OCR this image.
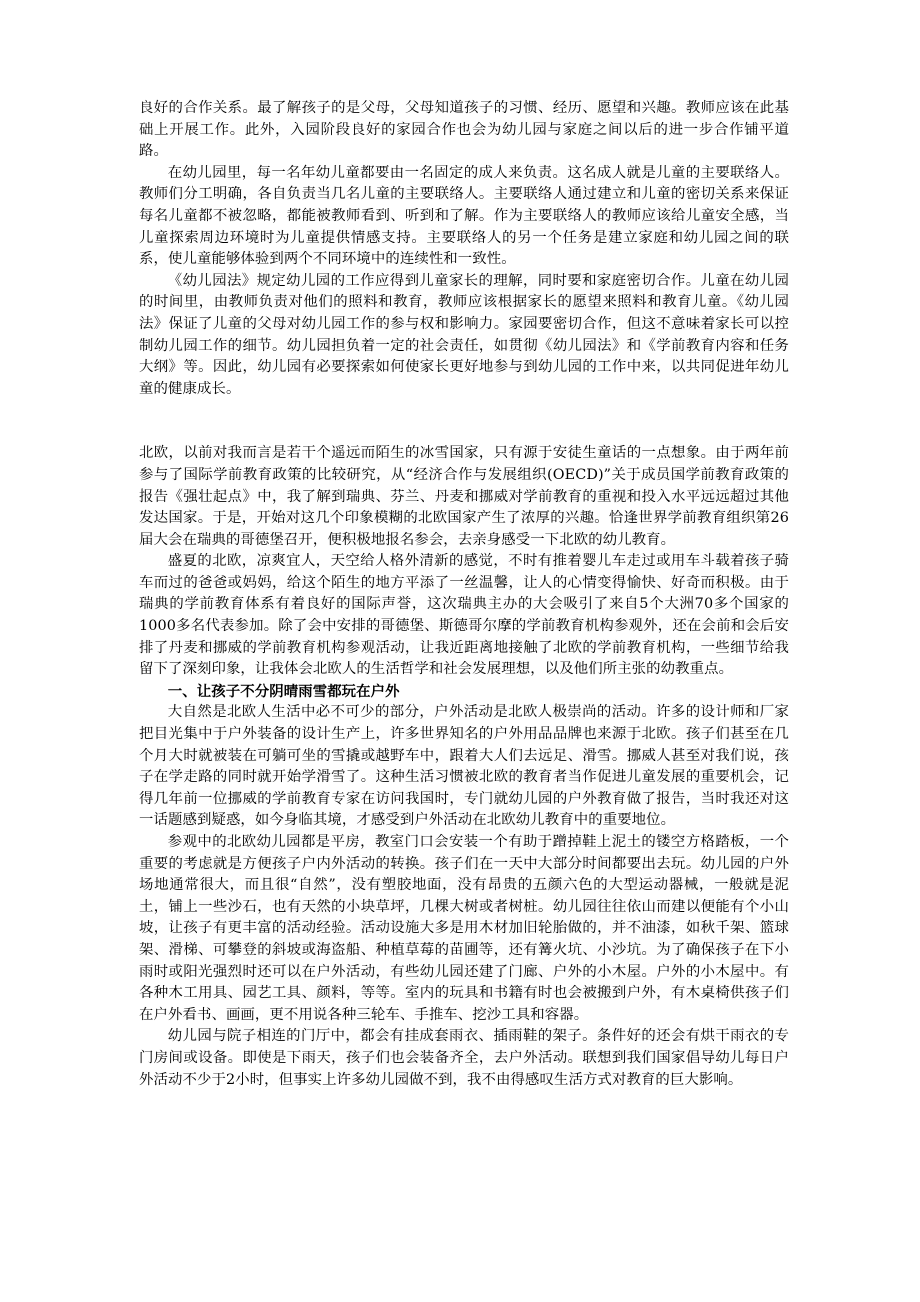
良好的合作关系。最了解孩子的是父母，父母知道孩子的习惯、经历、愿望和兴趣。教师应该在此基础上开展工作。此外，入园阶段良好的家园合作也会为幼儿园与家庭之间以后的进一步合作铺平道路。

在幼儿园里，每一名年幼儿童都要由一名固定的成人来负责。这名成人就是儿童的主要联络人。教师们分工明确，各自负责当几名儿童的主要联络人。主要联络人通过建立和儿童的密切关系来保证每名儿童都不被忽略，都能被教师看到、听到和了解。作为主要联络人的教师应该给儿童安全感，当儿童探索周边环境时为儿童提供情感支持。主要联络人的另一个任务是建立家庭和幼儿园之间的联系，使儿童能够体验到两个不同环境中的连续性和一致性。

《幼儿园法》规定幼儿园的工作应得到儿童家长的理解，同时要和家庭密切合作。儿童在幼儿园的时间里，由教师负责对他们的照料和教育，教师应该根据家长的愿望来照料和教育儿童。《幼儿园法》保证了儿童的父母对幼儿园工作的参与权和影响力。家园要密切合作，但这不意味着家长可以控制幼儿园工作的细节。幼儿园担负着一定的社会责任，如贯彻《幼儿园法》和《学前教育内容和任务大纲》等。因此，幼儿园有必要探索如何使家长更好地参与到幼儿园的工作中来，以共同促进年幼儿童的健康成长。

北欧，以前对我而言是若干个遥远而陌生的冰雪国家，只有源于安徒生童话的一点想象。由于两年前参与了国际学前教育政策的比较研究，从“经济合作与发展组织(OECD)”关于成员国学前教育政策的报告《强壮起点》中，我了解到瑞典、芬兰、丹麦和挪威对学前教育的重视和投入水平远远超过其他发达国家。于是，开始对这几个印象模糊的北欧国家产生了浓厚的兴趣。恰逢世界学前教育组织第26届大会在瑞典的哥德堡召开，便积极地报名参会，去亲身感受一下北欧的幼儿教育。

盛夏的北欧，凉爽宜人，天空给人格外清新的感觉，不时有推着婴儿车走过或用车斗载着孩子骑车而过的爸爸或妈妈，给这个陌生的地方平添了一丝温馨，让人的心情变得愉快、好奇而积极。由于瑞典的学前教育体系有着良好的国际声誉，这次瑞典主办的大会吸引了来自5个大洲70多个国家的1000多名代表参加。除了会中安排的哥德堡、斯德哥尔摩的学前教育机构参观外，还在会前和会后安排了丹麦和挪威的学前教育机构参观活动，让我近距离地接触了北欧的学前教育机构，一些细节给我留下了深刻印象，让我体会北欧人的生活哲学和社会发展理想，以及他们所主张的幼教重点。

一、让孩子不分阴晴雨雪都玩在户外

大自然是北欧人生活中必不可少的部分，户外活动是北欧人极崇尚的活动。许多的设计师和厂家把目光集中于户外装备的设计生产上，许多世界知名的户外用品品牌也来源于北欧。孩子们甚至在几个月大时就被装在可躺可坐的雪撬或越野车中，跟着大人们去远足、滑雪。挪威人甚至对我们说，孩子在学走路的同时就开始学滑雪了。这种生活习惯被北欧的教育者当作促进儿童发展的重要机会，记得几年前一位挪威的学前教育专家在访问我国时，专门就幼儿园的户外教育做了报告，当时我还对这一话题感到疑惑，如今身临其境，才感受到户外活动在北欧幼儿教育中的重要地位。

参观中的北欧幼儿园都是平房，教室门口会安装一个有助于蹭掉鞋上泥土的镂空方格踏板，一个重要的考虑就是方便孩子户内外活动的转换。孩子们在一天中大部分时间都要出去玩。幼儿园的户外场地通常很大，而且很“自然”，没有塑胶地面，没有昂贵的五颜六色的大型运动器械，一般就是泥土，铺上一些沙石，也有天然的小块草坪，几棵大树或者树桩。幼儿园往往依山而建以便能有个小山坡，让孩子有更丰富的活动经验。活动设施大多是用木材加旧轮胎做的，并不油漆，如秋千架、篮球架、滑梯、可攀登的斜坡或海盗船、种植草莓的苗圃等，还有篝火坑、小沙坑。为了确保孩子在下小雨时或阳光强烈时还可以在户外活动，有些幼儿园还建了门廊、户外的小木屋。户外的小木屋中。有各种木工用具、园艺工具、颜料，等等。室内的玩具和书籍有时也会被搬到户外，有木桌椅供孩子们在户外看书、画画，更不用说各种三轮车、手推车、挖沙工具和容器。

幼儿园与院子相连的门厅中，都会有挂成套雨衣、插雨鞋的架子。条件好的还会有烘干雨衣的专门房间或设备。即使是下雨天，孩子们也会装备齐全，去户外活动。联想到我们国家倡导幼儿每日户外活动不少于2小时，但事实上许多幼儿园做不到，我不由得感叹生活方式对教育的巨大影响。
